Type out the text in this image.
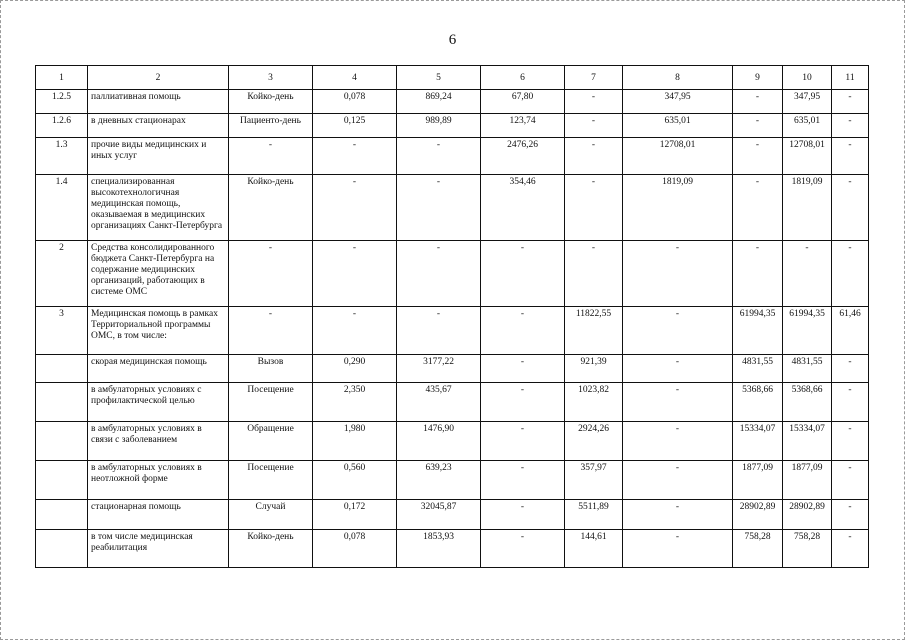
6
1	2	3	4	5	6	7	8	9	10	11
1.2.5	паллиативная помощь	Койко-день	0,078	869,24	67,80	-	347,95	-	347,95	-
1.2.6	в дневных стационарах	Пациенто-день	0,125	989,89	123,74	-	635,01	-	635,01	-
1.3	прочие виды медицинских и иных услуг	-	-	-	2476,26	-	12708,01	-	12708,01	-
1.4	специализированная высокотехнологичная медицинская помощь, оказываемая в медицинских организациях Санкт-Петербурга	Койко-день	-	-	354,46	-	1819,09	-	1819,09	-
2	Средства консолидированного бюджета Санкт-Петербурга на содержание медицинских организаций, работающих в системе ОМС	-	-	-	-	-	-	-	-	-
3	Медицинская помощь в рамках Территориальной программы ОМС, в том числе:	-	-	-	-	11822,55	-	61994,35	61994,35	61,46
	скорая медицинская помощь	Вызов	0,290	3177,22	-	921,39	-	4831,55	4831,55	-
	в амбулаторных условиях с профилактической целью	Посещение	2,350	435,67	-	1023,82	-	5368,66	5368,66	-
	в амбулаторных условиях в связи с заболеванием	Обращение	1,980	1476,90	-	2924,26	-	15334,07	15334,07	-
	в амбулаторных условиях в неотложной форме	Посещение	0,560	639,23	-	357,97	-	1877,09	1877,09	-
	стационарная помощь	Случай	0,172	32045,87	-	5511,89	-	28902,89	28902,89	-
	в том числе медицинская реабилитация	Койко-день	0,078	1853,93	-	144,61	-	758,28	758,28	-
